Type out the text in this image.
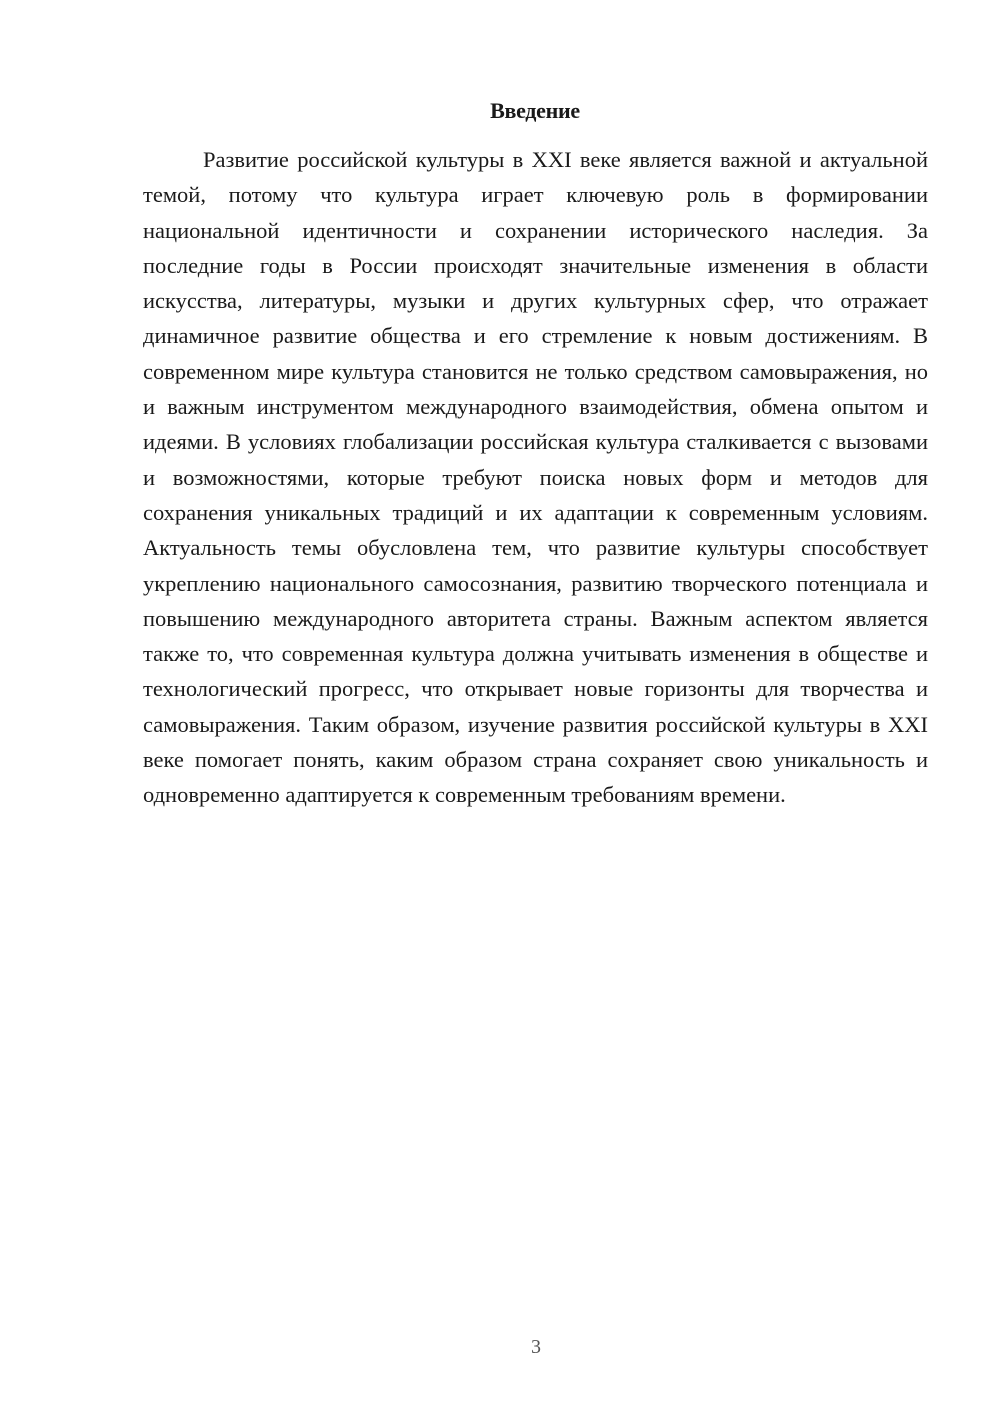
Введение

Развитие российской культуры в XXI веке является важной и актуальной темой, потому что культура играет ключевую роль в формировании национальной идентичности и сохранении исторического наследия. За последние годы в России происходят значительные изменения в области искусства, литературы, музыки и других культурных сфер, что отражает динамичное развитие общества и его стремление к новым достижениям. В современном мире культура становится не только средством самовыражения, но и важным инструментом международного взаимодействия, обмена опытом и идеями. В условиях глобализации российская культура сталкивается с вызовами и возможностями, которые требуют поиска новых форм и методов для сохранения уникальных традиций и их адаптации к современным условиям. Актуальность темы обусловлена тем, что развитие культуры способствует укреплению национального самосознания, развитию творческого потенциала и повышению международного авторитета страны. Важным аспектом является также то, что современная культура должна учитывать изменения в обществе и технологический прогресс, что открывает новые горизонты для творчества и самовыражения. Таким образом, изучение развития российской культуры в XXI веке помогает понять, каким образом страна сохраняет свою уникальность и одновременно адаптируется к современным требованиям времени.

3
